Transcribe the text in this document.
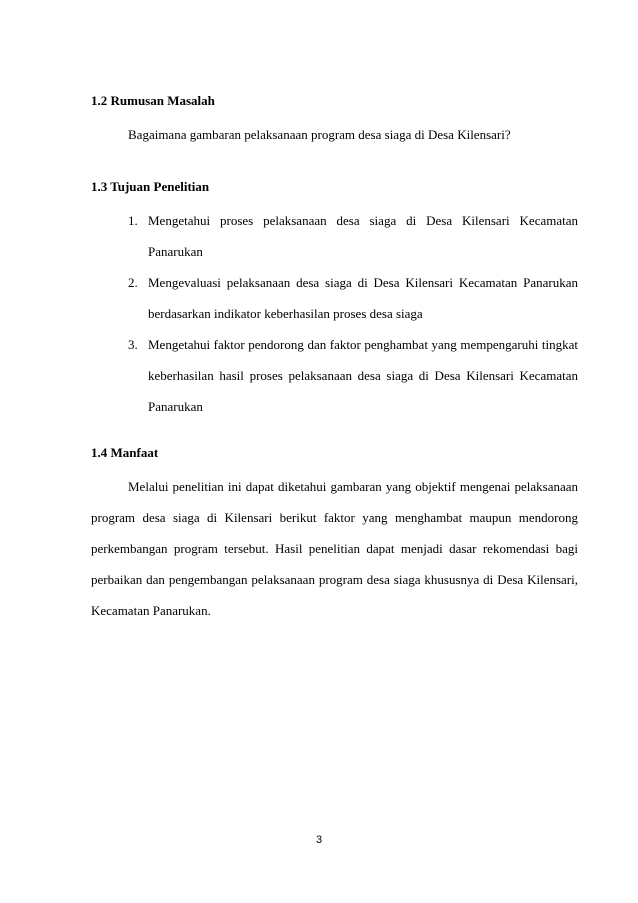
1.2 Rumusan Masalah

Bagaimana gambaran pelaksanaan program desa siaga di Desa Kilensari?

1.3 Tujuan Penelitian

1. Mengetahui proses pelaksanaan desa siaga di Desa Kilensari Kecamatan
Panarukan
2. Mengevaluasi pelaksanaan desa siaga di Desa Kilensari Kecamatan Panarukan
berdasarkan indikator keberhasilan proses desa siaga
3. Mengetahui faktor pendorong dan faktor penghambat yang mempengaruhi tingkat
keberhasilan hasil proses pelaksanaan desa siaga di Desa Kilensari Kecamatan
Panarukan

1.4 Manfaat

Melalui penelitian ini dapat diketahui gambaran yang objektif mengenai pelaksanaan
program desa siaga di Kilensari berikut faktor yang menghambat maupun mendorong
perkembangan program tersebut. Hasil penelitian dapat menjadi dasar rekomendasi bagi
perbaikan dan pengembangan pelaksanaan program desa siaga khususnya di Desa Kilensari,
Kecamatan Panarukan.
3
